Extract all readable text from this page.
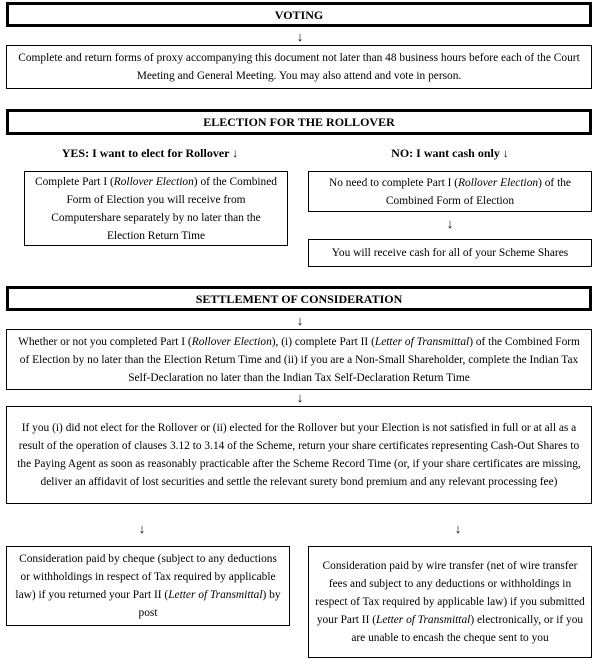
VOTING
↓
Complete and return forms of proxy accompanying this document not later than 48 business hours before each of the Court Meeting and General Meeting. You may also attend and vote in person.
ELECTION FOR THE ROLLOVER
YES: I want to elect for Rollover ↓	NO: I want cash only ↓
Complete Part I (Rollover Election) of the Combined Form of Election you will receive from Computershare separately by no later than the Election Return Time
No need to complete Part I (Rollover Election) of the Combined Form of Election
↓
You will receive cash for all of your Scheme Shares
SETTLEMENT OF CONSIDERATION
↓
Whether or not you completed Part I (Rollover Election), (i) complete Part II (Letter of Transmittal) of the Combined Form of Election by no later than the Election Return Time and (ii) if you are a Non-Small Shareholder, complete the Indian Tax Self-Declaration no later than the Indian Tax Self-Declaration Return Time
↓
If you (i) did not elect for the Rollover or (ii) elected for the Rollover but your Election is not satisfied in full or at all as a result of the operation of clauses 3.12 to 3.14 of the Scheme, return your share certificates representing Cash-Out Shares to the Paying Agent as soon as reasonably practicable after the Scheme Record Time (or, if your share certificates are missing, deliver an affidavit of lost securities and settle the relevant surety bond premium and any relevant processing fee)
↓	↓
Consideration paid by cheque (subject to any deductions or withholdings in respect of Tax required by applicable law) if you returned your Part II (Letter of Transmittal) by post
Consideration paid by wire transfer (net of wire transfer fees and subject to any deductions or withholdings in respect of Tax required by applicable law) if you submitted your Part II (Letter of Transmittal) electronically, or if you are unable to encash the cheque sent to you
